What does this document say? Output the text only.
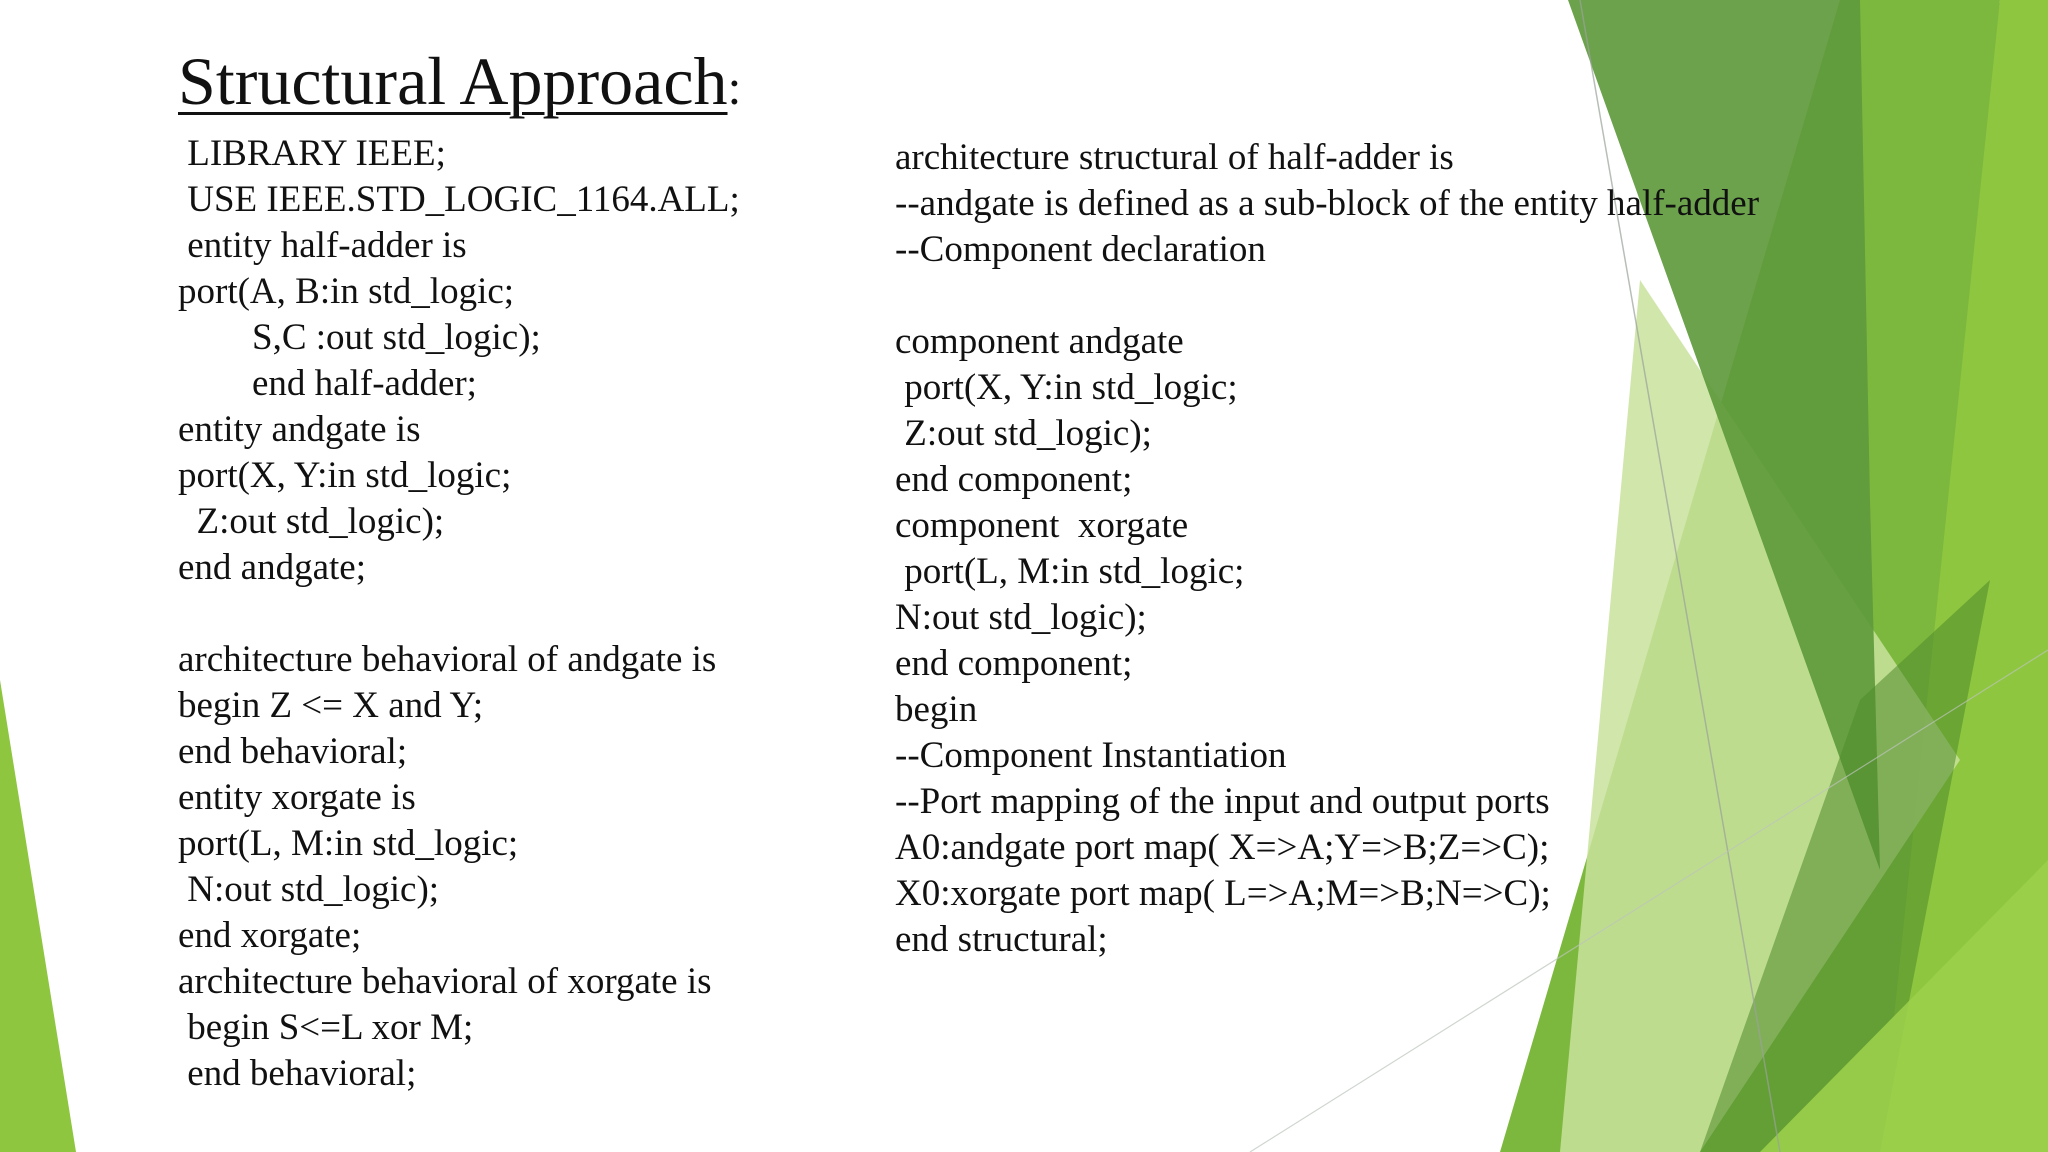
Structural Approach:
LIBRARY IEEE;
USE IEEE.STD_LOGIC_1164.ALL;
entity half-adder is
port(A, B:in std_logic;
S,C :out std_logic);
end half-adder;
entity andgate is
port(X, Y:in std_logic;
Z:out std_logic);
end andgate;
architecture behavioral of andgate is
begin Z <= X and Y;
end behavioral;
entity xorgate is
port(L, M:in std_logic;
N:out std_logic);
end xorgate;
architecture behavioral of xorgate is
begin S<=L xor M;
end behavioral;
architecture structural of half-adder is
--andgate is defined as a sub-block of the entity half-adder
--Component declaration
component andgate
port(X, Y:in std_logic;
Z:out std_logic);
end component;
component  xorgate
port(L, M:in std_logic;
N:out std_logic);
end component;
begin
--Component Instantiation
--Port mapping of the input and output ports
A0:andgate port map( X=>A;Y=>B;Z=>C);
X0:xorgate port map( L=>A;M=>B;N=>C);
end structural;
